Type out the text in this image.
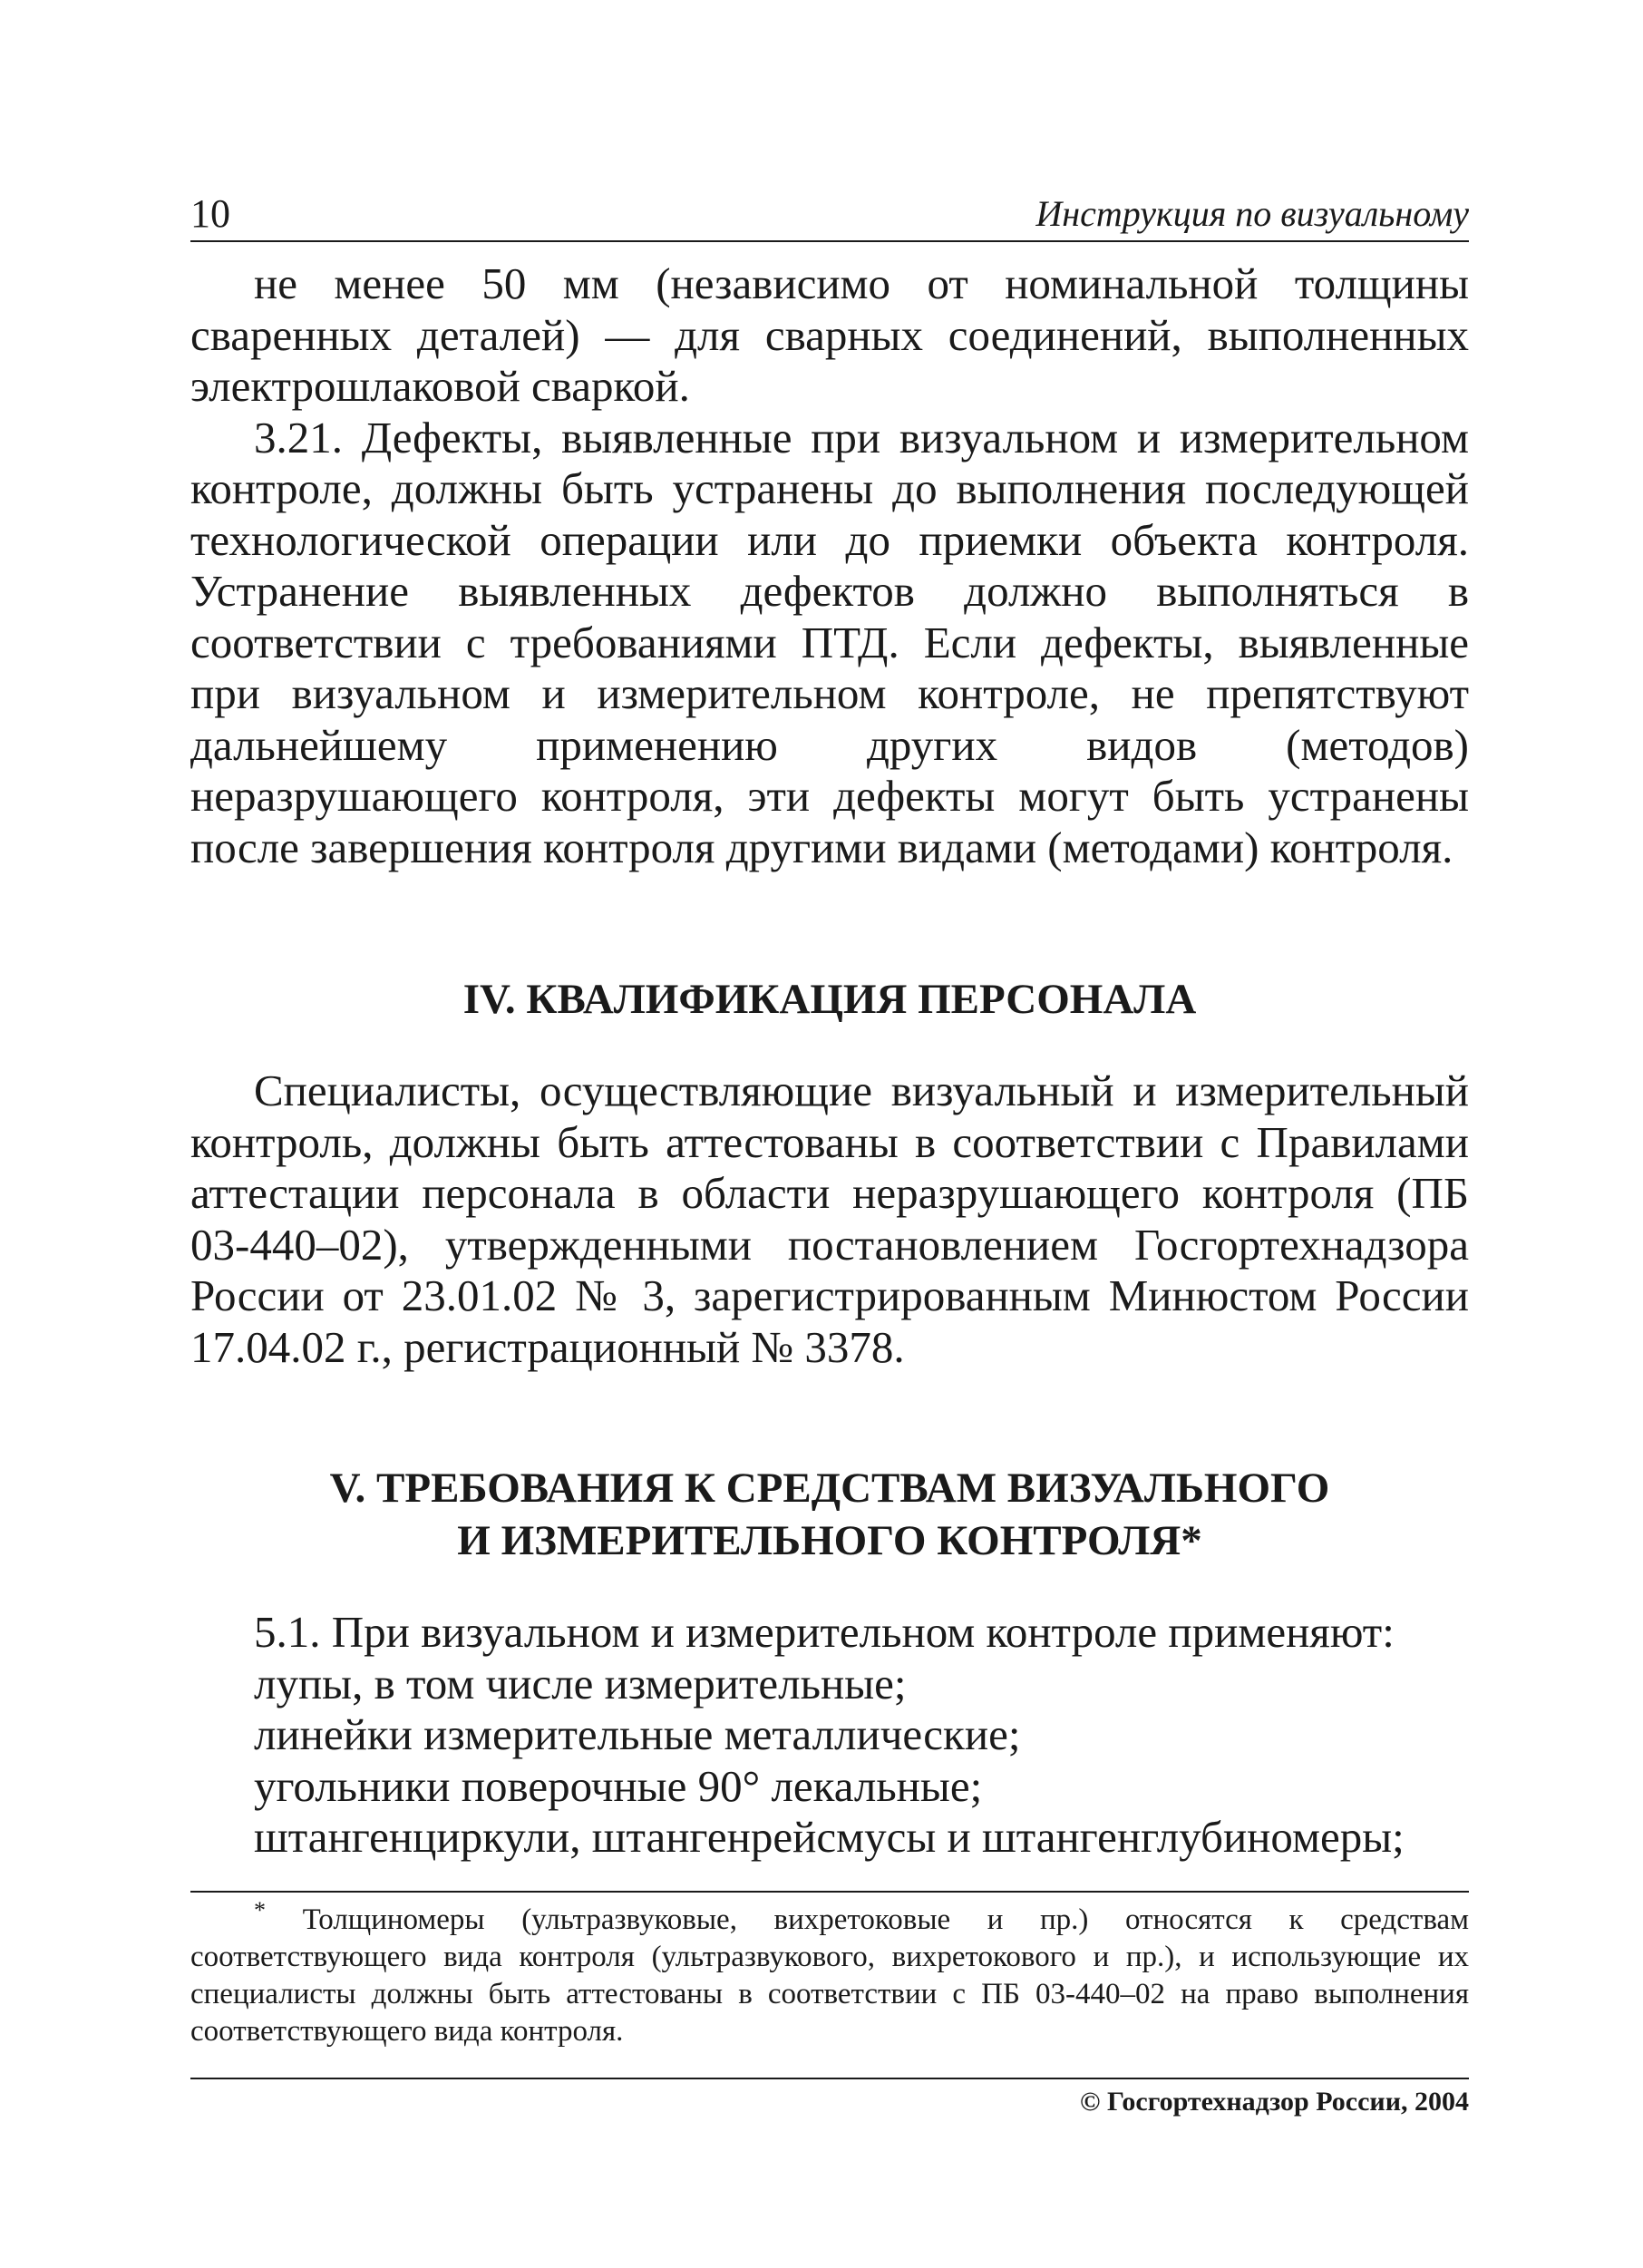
10	Инструкция по визуальному

не менее 50 мм (независимо от номинальной толщины сваренных деталей) — для сварных соединений, выполненных электрошлаковой сваркой.

3.21. Дефекты, выявленные при визуальном и измерительном контроле, должны быть устранены до выполнения последующей технологической операции или до приемки объекта контроля. Устранение выявленных дефектов должно выполняться в соответствии с требованиями ПТД. Если дефекты, выявленные при визуальном и измерительном контроле, не препятствуют дальнейшему применению других видов (методов) неразрушающего контроля, эти дефекты могут быть устранены после завершения контроля другими видами (методами) контроля.

IV. КВАЛИФИКАЦИЯ ПЕРСОНАЛА

Специалисты, осуществляющие визуальный и измерительный контроль, должны быть аттестованы в соответствии с Правилами аттестации персонала в области неразрушающего контроля (ПБ 03-440–02), утвержденными постановлением Госгортехнадзора России от 23.01.02 № 3, зарегистрированным Минюстом России 17.04.02 г., регистрационный № 3378.

V. ТРЕБОВАНИЯ К СРЕДСТВАМ ВИЗУАЛЬНОГО
И ИЗМЕРИТЕЛЬНОГО КОНТРОЛЯ*
5.1. При визуальном и измерительном контроле применяют:
лупы, в том числе измерительные;
линейки измерительные металлические;
угольники поверочные 90° лекальные;
штангенциркули, штангенрейсмусы и штангенглубиномеры;

* Толщиномеры (ультразвуковые, вихретоковые и пр.) относятся к средствам соответствующего вида контроля (ультразвукового, вихретокового и пр.), и использующие их специалисты должны быть аттестованы в соответствии с ПБ 03-440–02 на право выполнения соответствующего вида контроля.

© Госгортехнадзор России, 2004
